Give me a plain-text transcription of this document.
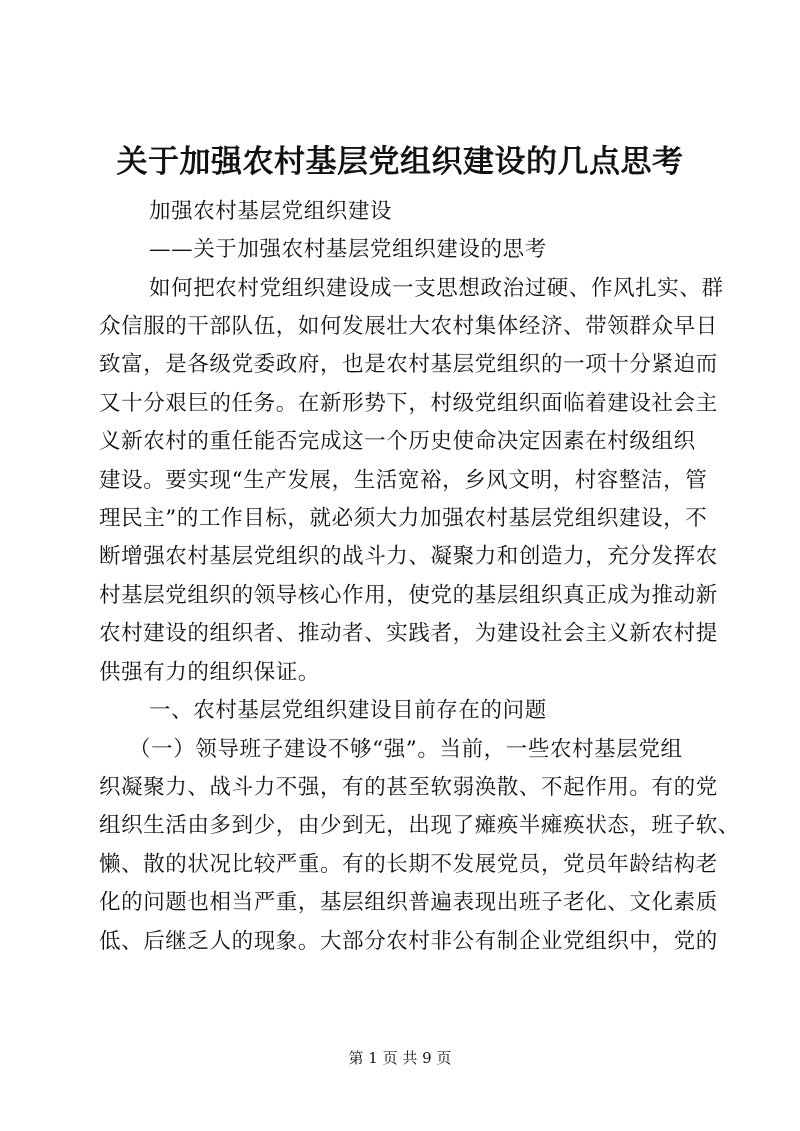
关于加强农村基层党组织建设的几点思考

加强农村基层党组织建设

——关于加强农村基层党组织建设的思考

如何把农村党组织建设成一支思想政治过硬、作风扎实、群

众信服的干部队伍，如何发展壮大农村集体经济、带领群众早日

致富，是各级党委政府，也是农村基层党组织的一项十分紧迫而

又十分艰巨的任务。在新形势下，村级党组织面临着建设社会主

义新农村的重任能否完成这一个历史使命决定因素在村级组织

建设。要实现“生产发展，生活宽裕，乡风文明，村容整洁，管

理民主”的工作目标，就必须大力加强农村基层党组织建设，不

断增强农村基层党组织的战斗力、凝聚力和创造力，充分发挥农

村基层党组织的领导核心作用，使党的基层组织真正成为推动新

农村建设的组织者、推动者、实践者，为建设社会主义新农村提

供强有力的组织保证。

一、农村基层党组织建设目前存在的问题

（一）领导班子建设不够“强”。当前，一些农村基层党组

织凝聚力、战斗力不强，有的甚至软弱涣散、不起作用。有的党

组织生活由多到少，由少到无，出现了瘫痪半瘫痪状态，班子软、

懒、散的状况比较严重。有的长期不发展党员，党员年龄结构老

化的问题也相当严重，基层组织普遍表现出班子老化、文化素质

低、后继乏人的现象。大部分农村非公有制企业党组织中，党的

第 1 页 共 9 页
